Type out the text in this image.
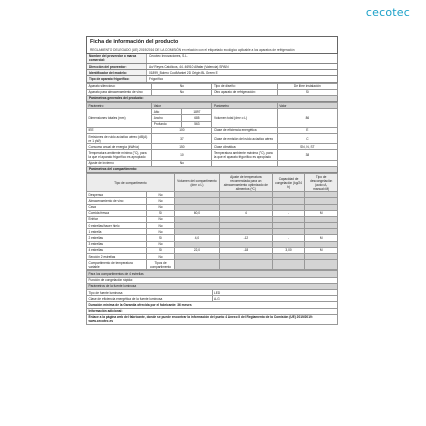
cecotec
Ficha de información del producto
REGLAMENTO DELEGADO (UE) 2019/2016 DE LA COMISIÓN en relación con el etiquetado ecológico aplicable a los aparatos de refrigeración
Nombre del proveedor o marca comercial:
Cecotec Innovaciones, S.L.
Dirección del proveedor:	Av/ Reyes Católicos, 44. 46910 Alfafar (Valencia) SPAIN
Identificador del modelo:	01899_Bolero CoolMarket 2D Origin BL Green E
Tipo de aparato frigorífico:	Frigorífico
Aparato silencioso:	No	Tipo de diseño:	De libre instalación
Aparato para almacenamiento de vino:	No	Otro aparato de refrigeración:	Sí
Parámetros generales del producto:
Parámetro	Valor		Parámetro	Valor
Dimensiones totales (mm)	Alto	1897	Volumen total (dm³ o L)	86
	Ancho	685		
	Profundo	563		
IEE	100		Clase de eficiencia energética	E
Emisiones de ruido acústico aéreo (dB(A) re 1 pW)	37		Clase de emisión del ruido acústico aéreo	C
Consumo anual de energía (kWh/a)	150		Clase climática:	SN, N, ST
Temperatura ambiente mínima (°C), para la que el aparato frigorífico es apropiado	10		Temperatura ambiente máxima (°C), para la que el aparato frigorífico es apropiado	38
Ajuste de invierno	No			
Parámetros del compartimento:
Tipo de compartimento		Volumen del compartimento (dm³ o L)	Ajuste de temperatura recomendada para un almacenamiento optimizado de alimentos (ºC)	Capacidad de congelación (kg/24 h)	Tipo de descongelación (auto=A, manual=M)
Despensa	No				
Almacenamiento de vino	No				
Cava	No				
Comida fresca	Sí	60,0	4	-	M
Enfriar	No				
0 estrellas/hacer hielo	No				
1 estrella	No				
2 estrellas	Sí	4,0	-12	-	M
3 estrellas	No				
4 estrellas	Sí	22,0	-18	3,00	M
Sección 2 estrellas	No				
Compartimento de temperatura variable	Tipos de compartimento				
Para los compartimentos de 4 estrellas	
Función de congelación rápida:	
Parámetros de la fuente luminosa	
Tipo de fuente luminosa	LED
Clase de eficiencia energética de la fuente luminosa	A-G
Duración mínima de la Garantía ofrecida por el fabricante: 36 meses	
Información adicional:	
Enlace a la página web del fabricante, donde se puede encontrar la información del punto 4 Anexo II del Reglamento de la Comisión (UE) 2019/2019: www.cecotec.es	
